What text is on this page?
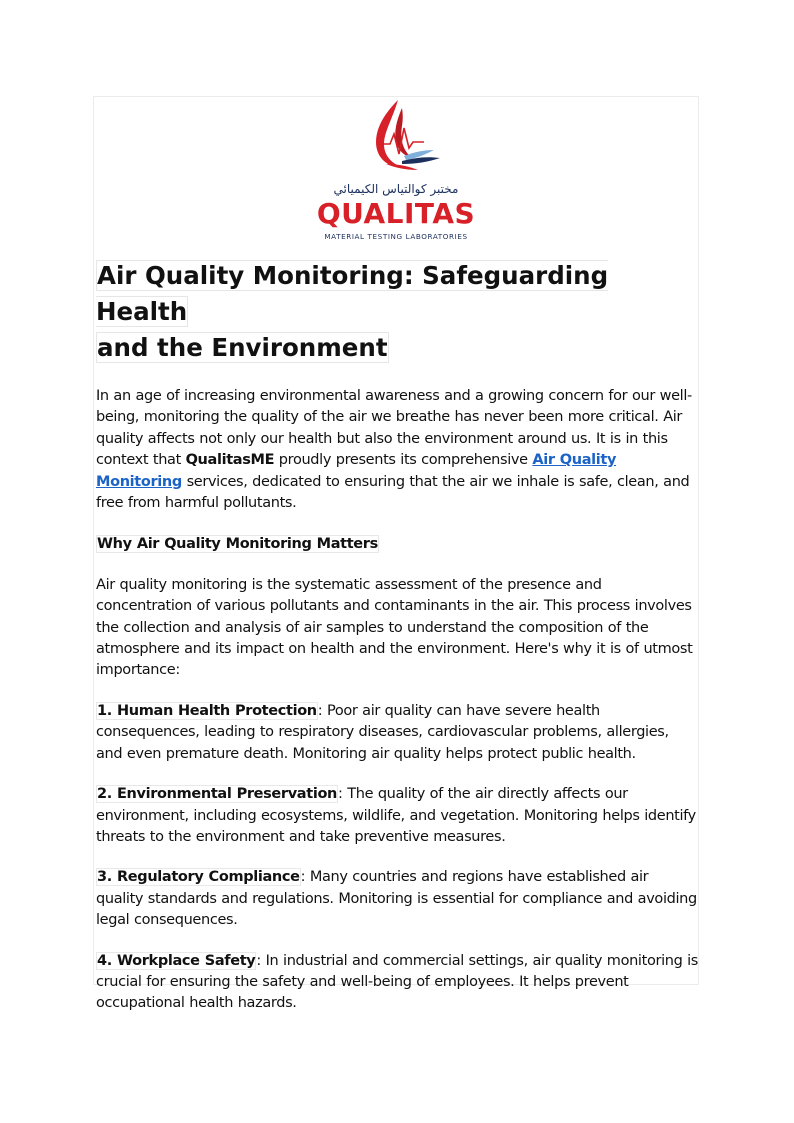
مختبر كوالتياس الكيميائي
QUALITAS
MATERIAL TESTING LABORATORIES
Air Quality Monitoring: Safeguarding Health
and the Environment

In an age of increasing environmental awareness and a growing concern for our well-being, monitoring the quality of the air we breathe has never been more critical. Air quality affects not only our health but also the environment around us. It is in this context that QualitasME proudly presents its comprehensive Air Quality Monitoring services, dedicated to ensuring that the air we inhale is safe, clean, and free from harmful pollutants.

Why Air Quality Monitoring Matters

Air quality monitoring is the systematic assessment of the presence and concentration of various pollutants and contaminants in the air. This process involves the collection and analysis of air samples to understand the composition of the atmosphere and its impact on health and the environment. Here's why it is of utmost importance:

1. Human Health Protection: Poor air quality can have severe health consequences, leading to respiratory diseases, cardiovascular problems, allergies, and even premature death. Monitoring air quality helps protect public health.

2. Environmental Preservation: The quality of the air directly affects our environment, including ecosystems, wildlife, and vegetation. Monitoring helps identify threats to the environment and take preventive measures.

3. Regulatory Compliance: Many countries and regions have established air quality standards and regulations. Monitoring is essential for compliance and avoiding legal consequences.

4. Workplace Safety: In industrial and commercial settings, air quality monitoring is crucial for ensuring the safety and well-being of employees. It helps prevent occupational health hazards.
